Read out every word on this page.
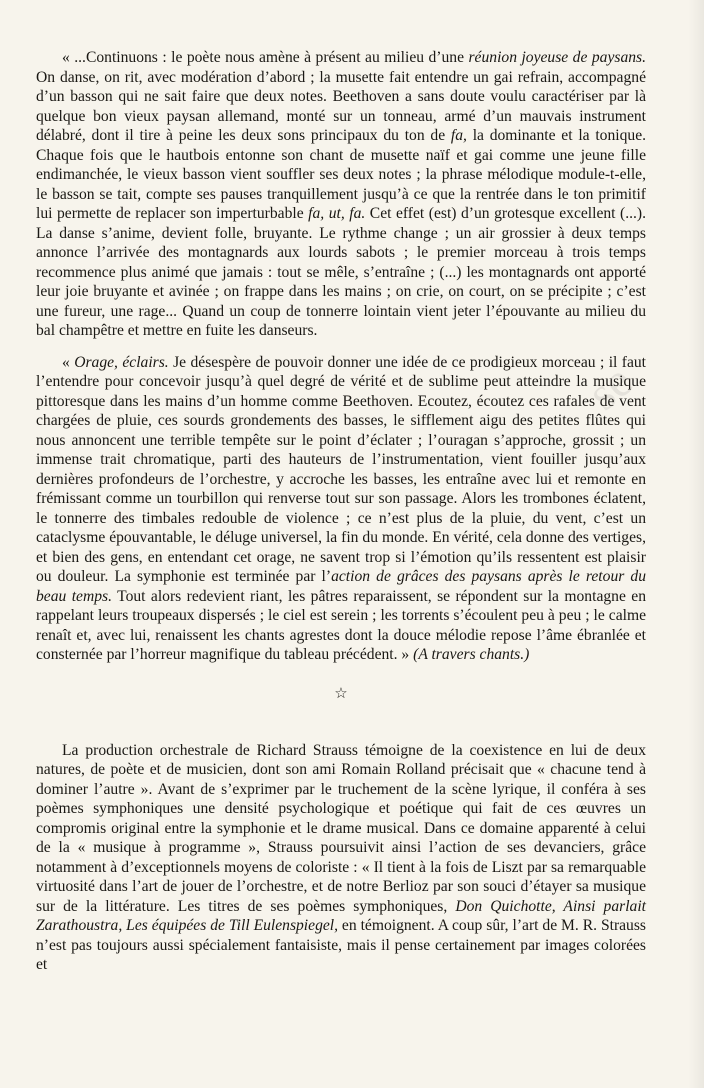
se

« ...Continuons : le poète nous amène à présent au milieu d’une réunion joyeuse de paysans. On danse, on rit, avec modération d’abord ; la musette fait entendre un gai refrain, accompagné d’un basson qui ne sait faire que deux notes. Beethoven a sans doute voulu caractériser par là quelque bon vieux paysan allemand, monté sur un tonneau, armé d’un mauvais instrument délabré, dont il tire à peine les deux sons principaux du ton de fa, la dominante et la tonique. Chaque fois que le hautbois entonne son chant de musette naïf et gai comme une jeune fille endimanchée, le vieux basson vient souffler ses deux notes ; la phrase mélodique module-t-elle, le basson se tait, compte ses pauses tranquillement jusqu’à ce que la rentrée dans le ton primitif lui permette de replacer son imperturbable fa, ut, fa. Cet effet (est) d’un grotesque excellent (...). La danse s’anime, devient folle, bruyante. Le rythme change ; un air grossier à deux temps annonce l’arrivée des montagnards aux lourds sabots ; le premier morceau à trois temps recommence plus animé que jamais : tout se mêle, s’entraîne ; (...) les montagnards ont apporté leur joie bruyante et avinée ; on frappe dans les mains ; on crie, on court, on se précipite ; c’est une fureur, une rage... Quand un coup de tonnerre lointain vient jeter l’épouvante au milieu du bal champêtre et mettre en fuite les danseurs.

« Orage, éclairs. Je désespère de pouvoir donner une idée de ce prodigieux morceau ; il faut l’entendre pour concevoir jusqu’à quel degré de vérité et de sublime peut atteindre la musique pittoresque dans les mains d’un homme comme Beethoven. Ecoutez, écoutez ces rafales de vent chargées de pluie, ces sourds grondements des basses, le sifflement aigu des petites flûtes qui nous annoncent une terrible tempête sur le point d’éclater ; l’ouragan s’approche, grossit ; un immense trait chromatique, parti des hauteurs de l’instrumentation, vient fouiller jusqu’aux dernières profondeurs de l’orchestre, y accroche les basses, les entraîne avec lui et remonte en frémissant comme un tourbillon qui renverse tout sur son passage. Alors les trombones éclatent, le tonnerre des timbales redouble de violence ; ce n’est plus de la pluie, du vent, c’est un cataclysme épouvantable, le déluge universel, la fin du monde. En vérité, cela donne des vertiges, et bien des gens, en entendant cet orage, ne savent trop si l’émotion qu’ils ressentent est plaisir ou douleur. La symphonie est terminée par l’action de grâces des paysans après le retour du beau temps. Tout alors redevient riant, les pâtres reparaissent, se répondent sur la montagne en rappelant leurs troupeaux dispersés ; le ciel est serein ; les torrents s’écoulent peu à peu ; le calme renaît et, avec lui, renaissent les chants agrestes dont la douce mélodie repose l’âme ébranlée et consternée par l’horreur magnifique du tableau précédent. » (A travers chants.)

☆

La production orchestrale de Richard Strauss témoigne de la coexistence en lui de deux natures, de poète et de musicien, dont son ami Romain Rolland précisait que « chacune tend à dominer l’autre ». Avant de s’exprimer par le truchement de la scène lyrique, il conféra à ses poèmes symphoniques une densité psychologique et poétique qui fait de ces œuvres un compromis original entre la symphonie et le drame musical. Dans ce domaine apparenté à celui de la « musique à programme », Strauss poursuivit ainsi l’action de ses devanciers, grâce notamment à d’exceptionnels moyens de coloriste : « Il tient à la fois de Liszt par sa remarquable virtuosité dans l’art de jouer de l’orchestre, et de notre Berlioz par son souci d’étayer sa musique sur de la littérature. Les titres de ses poèmes symphoniques, Don Quichotte, Ainsi parlait Zarathoustra, Les équipées de Till Eulenspiegel, en témoignent. A coup sûr, l’art de M. R. Strauss n’est pas toujours aussi spécialement fantaisiste, mais il pense certainement par images colorées et
